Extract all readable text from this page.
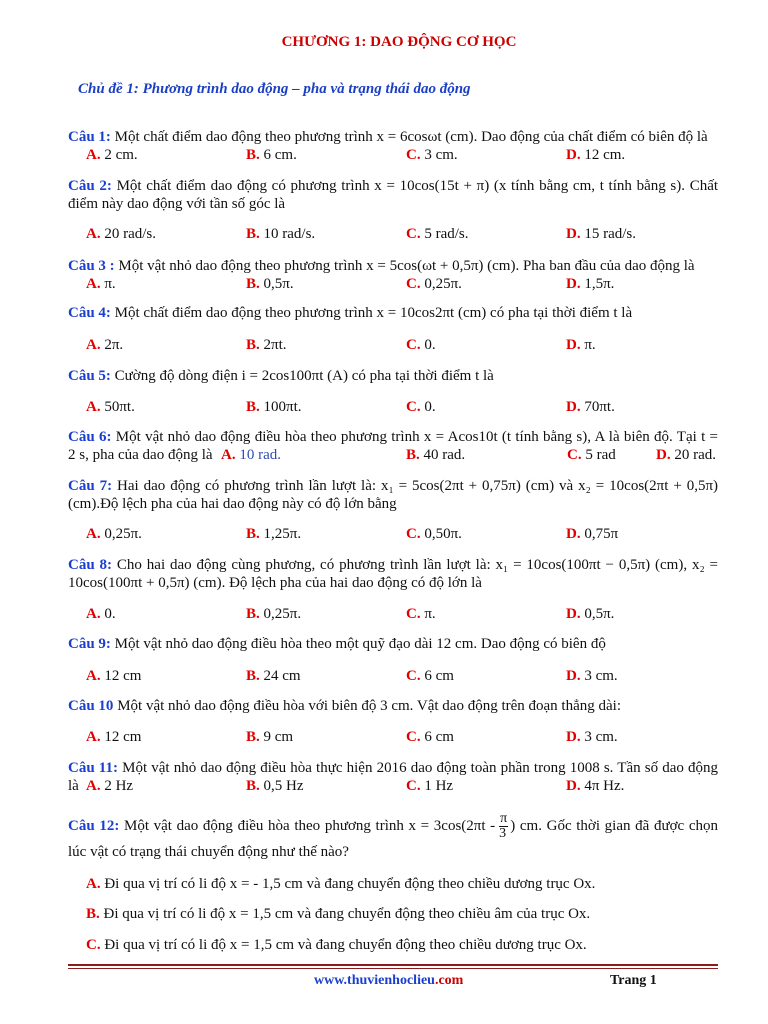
CHƯƠNG 1: DAO ĐỘNG CƠ HỌC
Chủ đề 1: Phương trình dao động – pha và trạng thái dao động
Câu 1: Một chất điểm dao động theo phương trình x = 6cosωt (cm). Dao động của chất điểm có biên độ là
A. 2 cm.	B. 6 cm.	C. 3 cm.	D. 12 cm.
Câu 2: Một chất điểm dao động có phương trình x = 10cos(15t + π) (x tính bằng cm, t tính bằng s). Chất
điểm này dao động với tần số góc là
A. 20 rad/s.	B. 10 rad/s.	C. 5 rad/s.	D. 15 rad/s.
Câu 3 : Một vật nhỏ dao động theo phương trình x = 5cos(ωt + 0,5π) (cm). Pha ban đầu của dao động là
A. π.	B. 0,5π.	C. 0,25π.	D. 1,5π.
Câu 4: Một chất điểm dao động theo phương trình x = 10cos2πt (cm) có pha tại thời điểm t là
A. 2π.	B. 2πt.	C. 0.	D. π.
Câu 5: Cường độ dòng điện i = 2cos100πt (A) có pha tại thời điểm t là
A. 50πt.	B. 100πt.	C. 0.	D. 70πt.
Câu 6: Một vật nhỏ dao động điều hòa theo phương trình x = Acos10t (t tính bằng s), A là biên độ. Tại t =
2 s, pha của dao động là A. 10 rad.	B. 40 rad.	C. 5 rad	D. 20 rad.
Câu 7: Hai dao động có phương trình lần lượt là: x₁ = 5cos(2πt + 0,75π) (cm) và x₂ = 10cos(2πt + 0,5π)
(cm).Độ lệch pha của hai dao động này có độ lớn bằng
A. 0,25π.	B. 1,25π.	C. 0,50π.	D. 0,75π
Câu 8: Cho hai dao động cùng phương, có phương trình lần lượt là: x₁ = 10cos(100πt − 0,5π) (cm), x₂ =
10cos(100πt + 0,5π) (cm). Độ lệch pha của hai dao động có độ lớn là
A. 0.	B. 0,25π.	C. π.	D. 0,5π.
Câu 9: Một vật nhỏ dao động điều hòa theo một quỹ đạo dài 12 cm. Dao động có biên độ
A. 12 cm	B. 24 cm	C. 6 cm	D. 3 cm.
Câu 10 Một vật nhỏ dao động điều hòa với biên độ 3 cm. Vật dao động trên đoạn thẳng dài:
A. 12 cm	B. 9 cm	C. 6 cm	D. 3 cm.
Câu 11: Một vật nhỏ dao động điều hòa thực hiện 2016 dao động toàn phần trong 1008 s. Tần số dao động
là A. 2 Hz	B. 0,5 Hz	C. 1 Hz	D. 4π Hz.
Câu 12: Một vật dao động điều hòa theo phương trình $x = 3\cos(2\pi t - \frac{\pi}{3}$ ) cm. Gốc thời gian đã được chọn
lúc vật có trạng thái chuyển động như thế nào?
A. Đi qua vị trí có li độ x = - 1,5 cm và đang chuyển động theo chiều dương trục Ox.
B. Đi qua vị trí có li độ x = 1,5 cm và đang chuyển động theo chiều âm của trục Ox.
C. Đi qua vị trí có li độ x = 1,5 cm và đang chuyển động theo chiều dương trục Ox.
www.thuvienhoclieu.com	Trang 1
